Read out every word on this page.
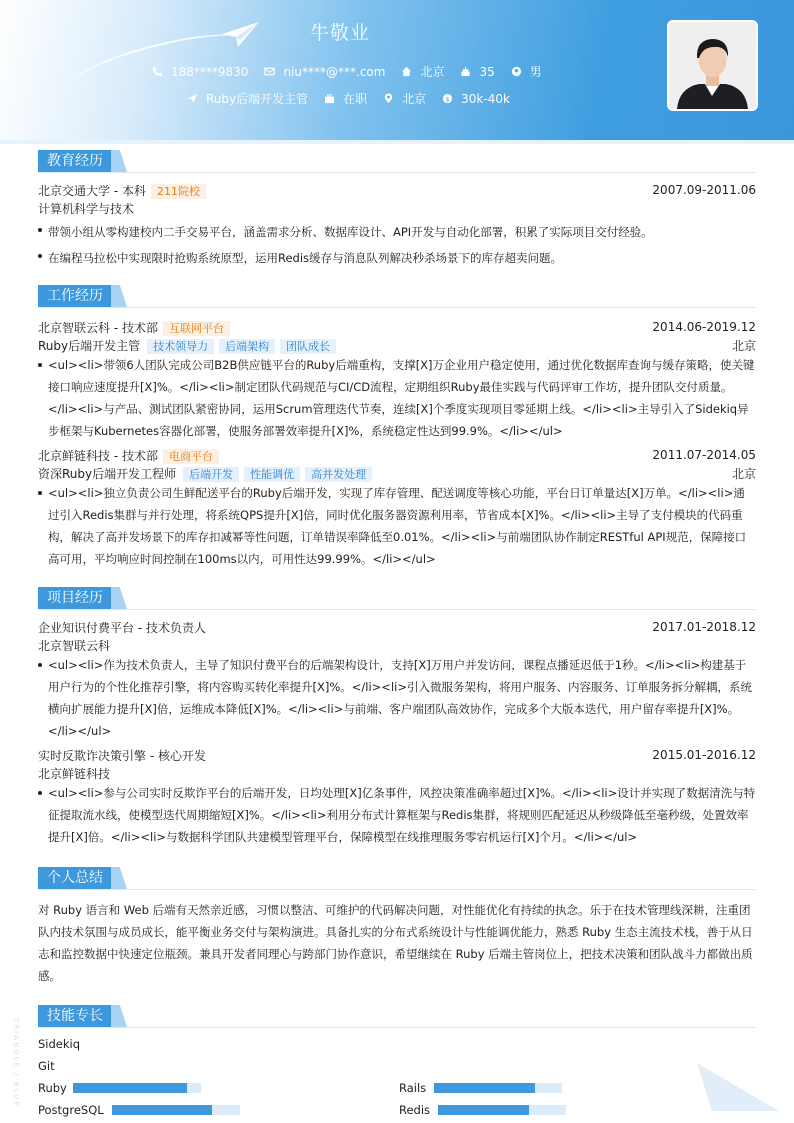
牛敬业
188****9830	niu****@***.com	北京	35	男
Ruby后端开发主管	在职	北京	$ 30k-40k
教育经历
北京交通大学 - 本科 211院校	2007.09-2011.06
计算机科学与技术
带领小组从零构建校内二手交易平台，涵盖需求分析、数据库设计、API开发与自动化部署，积累了实际项目交付经验。
在编程马拉松中实现限时抢购系统原型，运用Redis缓存与消息队列解决秒杀场景下的库存超卖问题。
工作经历
北京智联云科 - 技术部 互联网平台	2014.06-2019.12
Ruby后端开发主管 技术领导力 后端架构 团队成长	北京
<ul><li>带领6人团队完成公司B2B供应链平台的Ruby后端重构，支撑[X]万企业用户稳定使用，通过优化数据库查询与缓存策略，使关键接口响应速度提升[X]%。</li><li>制定团队代码规范与CI/CD流程，定期组织Ruby最佳实践与代码评审工作坊，提升团队交付质量。</li><li>与产品、测试团队紧密协同，运用Scrum管理迭代节奏，连续[X]个季度实现项目零延期上线。</li><li>主导引入了Sidekiq异步框架与Kubernetes容器化部署，使服务部署效率提升[X]%，系统稳定性达到99.9%。</li></ul>
北京鲜链科技 - 技术部 电商平台	2011.07-2014.05
资深Ruby后端开发工程师 后端开发 性能调优 高并发处理	北京
<ul><li>独立负责公司生鲜配送平台的Ruby后端开发，实现了库存管理、配送调度等核心功能，平台日订单量达[X]万单。</li><li>通过引入Redis集群与并行处理，将系统QPS提升[X]倍，同时优化服务器资源利用率，节省成本[X]%。</li><li>主导了支付模块的代码重构，解决了高并发场景下的库存扣减幂等性问题，订单错误率降低至0.01%。</li><li>与前端团队协作制定RESTful API规范，保障接口高可用，平均响应时间控制在100ms以内，可用性达99.99%。</li></ul>
项目经历
企业知识付费平台 - 技术负责人	2017.01-2018.12
北京智联云科
<ul><li>作为技术负责人，主导了知识付费平台的后端架构设计，支持[X]万用户并发访问，课程点播延迟低于1秒。</li><li>构建基于用户行为的个性化推荐引擎，将内容购买转化率提升[X]%。</li><li>引入微服务架构，将用户服务、内容服务、订单服务拆分解耦，系统横向扩展能力提升[X]倍，运维成本降低[X]%。</li><li>与前端、客户端团队高效协作，完成多个大版本迭代，用户留存率提升[X]%。</li></ul>
实时反欺诈决策引擎 - 核心开发	2015.01-2016.12
北京鲜链科技
<ul><li>参与公司实时反欺诈平台的后端开发，日均处理[X]亿条事件，风控决策准确率超过[X]%。</li><li>设计并实现了数据清洗与特征提取流水线，使模型迭代周期缩短[X]%。</li><li>利用分布式计算框架与Redis集群，将规则匹配延迟从秒级降低至毫秒级，处置效率提升[X]倍。</li><li>与数据科学团队共建模型管理平台，保障模型在线推理服务零宕机运行[X]个月。</li></ul>
个人总结
对 Ruby 语言和 Web 后端有天然亲近感，习惯以整洁、可维护的代码解决问题，对性能优化有持续的执念。乐于在技术管理线深耕，注重团队内技术氛围与成员成长，能平衡业务交付与架构演进。具备扎实的分布式系统设计与性能调优能力，熟悉 Ruby 生态主流技术栈，善于从日志和监控数据中快速定位瓶颈。兼具开发者同理心与跨部门协作意识，希望继续在 Ruby 后端主管岗位上，把技术决策和团队战斗力都做出质感。
技能专长
Sidekiq
Git
Ruby	Rails
PostgreSQL	Redis
TRIANGLE / BLUE
